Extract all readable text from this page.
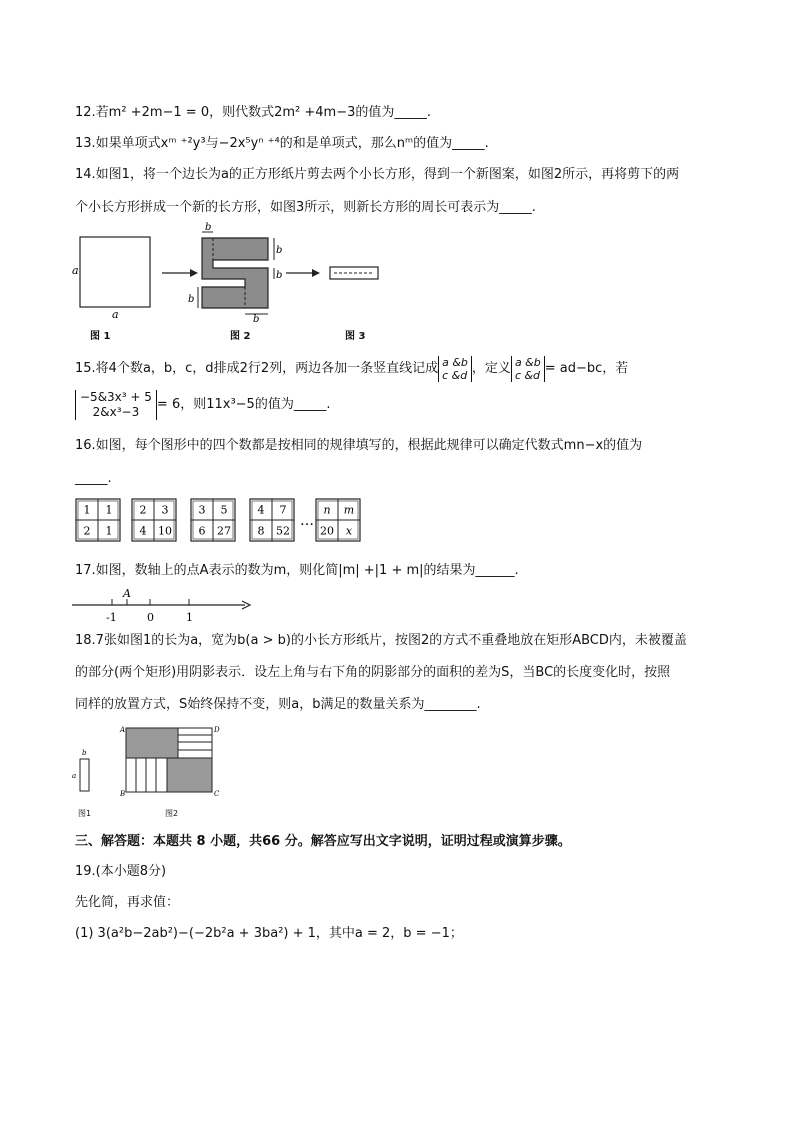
12.若m² +2m−1 = 0，则代数式2m² +4m−3的值为_____.
13.如果单项式xᵐ ⁺²y³与−2x⁵yⁿ ⁺⁴的和是单项式，那么nᵐ的值为_____.
14.如图1，将一个边长为a的正方形纸片剪去两个小长方形，得到一个新图案，如图2所示，再将剪下的两
个小长方形拼成一个新的长方形，如图3所示，则新长方形的周长可表示为_____.
a
a
b
b
b
b
b
图 1	图 2	图 3
15.将4个数a，b，c，d排成2行2列，两边各加一条竖直线记成 a &b
c &d ，定义 a &b
c &d = ad−bc，若
−5&3x³ + 5
2&x³−3	= 6，则11x³−5的值为_____.
16.如图，每个图形中的四个数都是按相同的规律填写的，根据此规律可以确定代数式mn−x的值为
_____.
1 1
2 1
2 3
4 10
3 5
6 27
4 7
8 52
n m
20 x
…
17.如图，数轴上的点A表示的数为m，则化简|m| +|1 + m|的结果为______.
A
-1	0	1
18.7张如图1的长为a，宽为b(a > b)的小长方形纸片，按图2的方式不重叠地放在矩形ABCD内，未被覆盖
的部分(两个矩形)用阴影表示．设左上角与右下角的阴影部分的面积的差为S，当BC的长度变化时，按照
同样的放置方式，S始终保持不变，则a，b满足的数量关系为________.
b
a
A	D
B	C
图1	图2
三、解答题：本题共 8 小题，共66 分。解答应写出文字说明，证明过程或演算步骤。
19.(本小题8分)
先化简，再求值：
(1) 3(a²b−2ab²)−(−2b²a + 3ba²) + 1，其中a = 2，b = −1；
